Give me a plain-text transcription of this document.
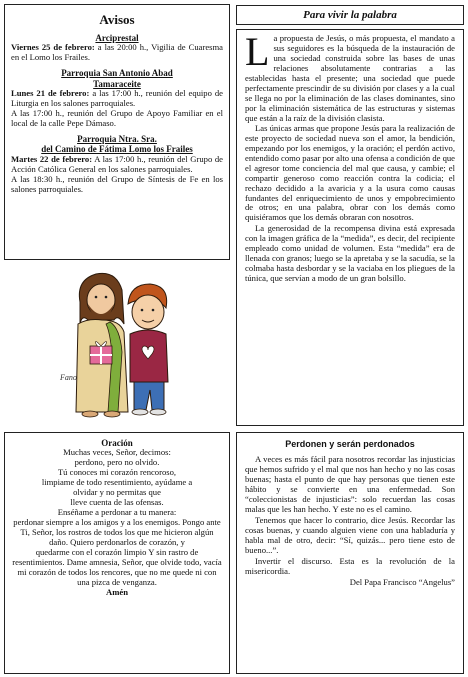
Avisos
Arciprestal

Viernes 25 de febrero: a las 20:00 h., Vigilia de Cuaresma en el Lomo los Frailes.

Parroquia San Antonio Abad
Tamaraceite

Lunes 21 de febrero: a las 17:00 h., reunión del equipo de Liturgia en los salones parroquiales.

A las 17:00 h., reunión del Grupo de Apoyo Familiar en el local de la calle Pepe Dámaso.

Parroquia Ntra. Sra.
del Camino de Fátima Lomo los Frailes

Martes 22 de febrero: A las 17:00 h., reunión del Grupo de Acción Católica General en los salones parroquiales.

A las 18:30 h., reunión del Grupo de Síntesis de Fe en los salones parroquiales.

Para vivir la palabra

La propuesta de Jesús, o más propuesta, el mandato a sus seguidores es la búsqueda de la instauración de una sociedad construida sobre las bases de unas relaciones absolutamente contrarias a las establecidas hasta el presente; una sociedad que puede perfectamente prescindir de su división por clases y a la cual se llega no por la eliminación de las clases dominantes, sino por la eliminación sistemática de las estructuras y sistemas que están a la raíz de la división clasista.

Las únicas armas que propone Jesús para la realización de este proyecto de sociedad nueva son el amor, la bendición, empezando por los enemigos, y la oración; el perdón activo, entendido como pasar por alto una ofensa a condición de que el agresor tome conciencia del mal que causa, y cambie; el compartir generoso como reacción contra la codicia; el rechazo decidido a la avaricia y a la usura como causas fundantes del enriquecimiento de unos y empobrecimiento de otros; en una palabra, obrar con los demás como quisiéramos que los demás obraran con nosotros.

La generosidad de la recompensa divina está expresada con la imagen gráfica de la “medida”, es decir, del recipiente empleado como unidad de volumen. Esta “medida” era de llenada con granos; luego se la apretaba y se la sacudía, se la colmaba hasta desbordar y se la vaciaba en los pliegues de la túnica, que servían a modo de un gran bolsillo.

Fano
Oración

Muchas veces, Señor, decimos:

perdono, pero no olvido.

Tú conoces mi corazón rencoroso,

limpiame de todo resentimiento, ayúdame a

olvidar y no permitas que

lleve cuenta de las ofensas.

Enséñame a perdonar a tu manera:

perdonar siempre a los amigos y a los enemigos. Pongo ante Ti, Señor, los rostros de todos los que me hicieron algún daño. Quiero perdonarlos de corazón, y

quedarme con el corazón limpio Y sin rastro de resentimientos. Dame amnesia, Señor, que olvide todo, vacía

mi corazón de todos los rencores, que no me quede ni con una pizca de venganza.

Amén

Perdonen y serán perdonados

A veces es más fácil para nosotros recordar las injusticias que hemos sufrido y el mal que nos han hecho y no las cosas buenas; hasta el punto de que hay personas que tienen este hábito y se convierte en una enfermedad. Son “coleccionistas de injusticias”: solo recuerdan las cosas malas que les han hecho. Y este no es el camino.

Tenemos que hacer lo contrario, dice Jesús. Recordar las cosas buenas, y cuando alguien viene con una habladuría y habla mal de otro, decir: “Sí, quizás... pero tiene esto de bueno...”.

Invertir el discurso. Esta es la revolución de la misericordia.

Del Papa Francisco “Angelus”
